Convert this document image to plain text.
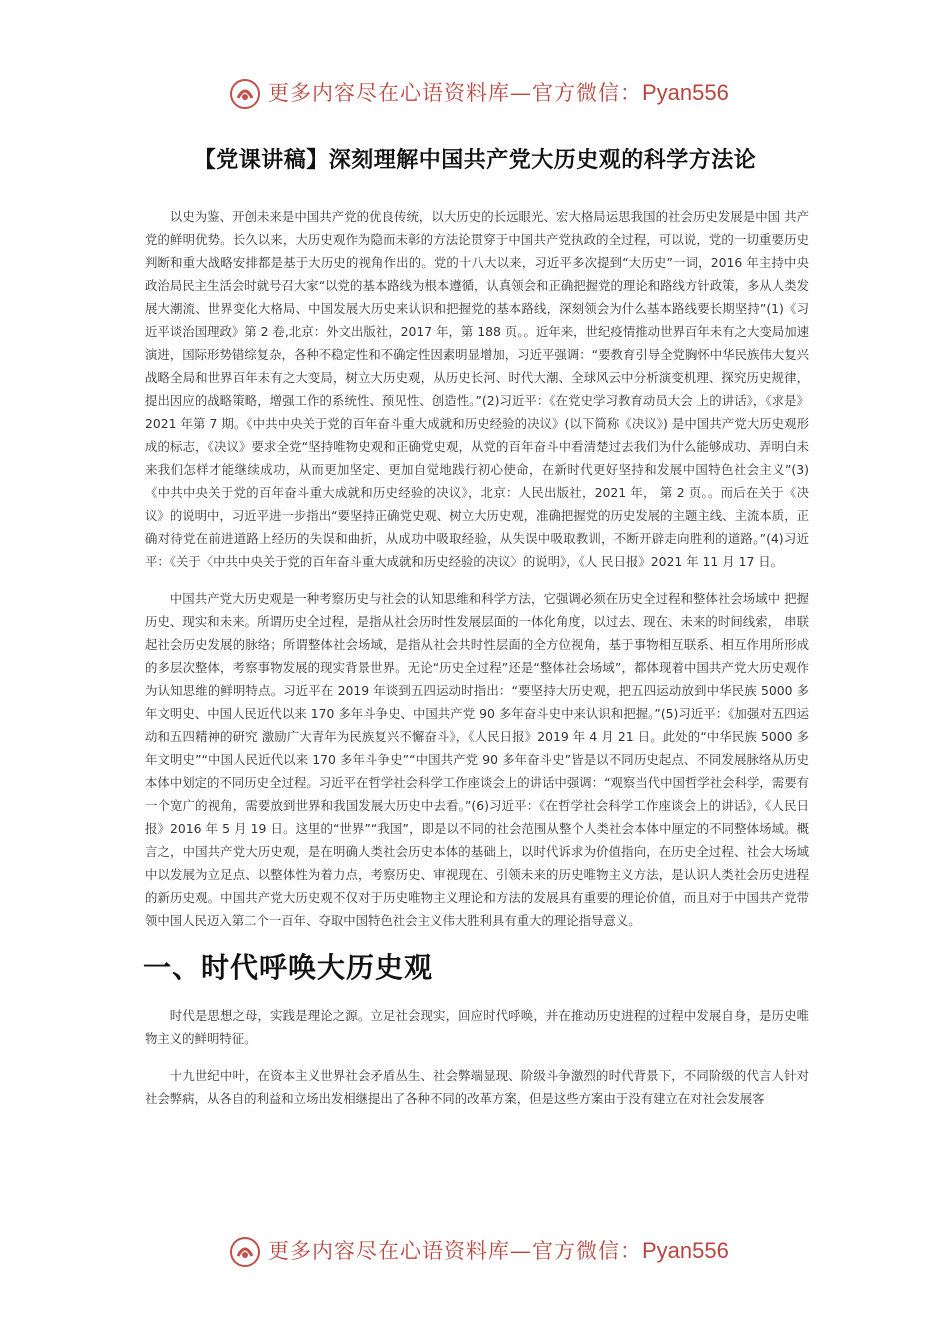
更多内容尽在心语资料库—官方微信：Pyan556
【党课讲稿】深刻理解中国共产党大历史观的科学方法论

以史为鉴、开创未来是中国共产党的优良传统，以大历史的长远眼光、宏大格局运思我国的社会历史发展是中国 共产党的鲜明优势。长久以来，大历史观作为隐而未彰的方法论贯穿于中国共产党执政的全过程，可以说，党的一切重要历史判断和重大战略安排都是基于大历史的视角作出的。党的十八大以来，习近平多次提到“大历史”一词，2016 年主持中央政治局民主生活会时就号召大家“以党的基本路线为根本遵循，认真领会和正确把握党的理论和路线方针政策，多从人类发展大潮流、世界变化大格局、中国发展大历史来认识和把握党的基本路线，深刻领会为什么基本路线要长期坚持”(1)《习近平谈治国理政》第 2 卷,北京：外文出版社，2017 年，第 188 页。。近年来，世纪疫情推动世界百年未有之大变局加速演进，国际形势错综复杂，各种不稳定性和不确定性因素明显增加，习近平强调：“要教育引导全党胸怀中华民族伟大复兴战略全局和世界百年未有之大变局，树立大历史观，从历史长河、时代大潮、全球风云中分析演变机理、探究历史规律，提出因应的战略策略，增强工作的系统性、预见性、创造性。”(2)习近平：《在党史学习教育动员大会 上的讲话》，《求是》 2021 年第 7 期。《中共中央关于党的百年奋斗重大成就和历史经验的决议》(以下简称《决议》) 是中国共产党大历史观形成的标志，《决议》要求全党“坚持唯物史观和正确党史观，从党的百年奋斗中看清楚过去我们为什么能够成功、弄明白未来我们怎样才能继续成功，从而更加坚定、更加自觉地践行初心使命，在新时代更好坚持和发展中国特色社会主义”(3)《中共中央关于党的百年奋斗重大成就和历史经验的决议》，北京：人民出版社，2021 年， 第 2 页。。而后在关于《决议》的说明中，习近平进一步指出“要坚持正确党史观、树立大历史观，准确把握党的历史发展的主题主线、主流本质，正确对待党在前进道路上经历的失误和曲折，从成功中吸取经验，从失误中吸取教训，不断开辟走向胜利的道路。”(4)习近平：《关于〈中共中央关于党的百年奋斗重大成就和历史经验的决议〉的说明》，《人 民日报》2021 年 11 月 17 日。

中国共产党大历史观是一种考察历史与社会的认知思维和科学方法，它强调必须在历史全过程和整体社会场域中 把握历史、现实和未来。所谓历史全过程，是指从社会历时性发展层面的一体化角度，以过去、现在、未来的时间线索， 串联起社会历史发展的脉络；所谓整体社会场域，是指从社会共时性层面的全方位视角，基于事物相互联系、相互作用所形成的多层次整体，考察事物发展的现实背景世界。无论“历史全过程”还是“整体社会场域”，都体现着中国共产党大历史观作为认知思维的鲜明特点。习近平在 2019 年谈到五四运动时指出：“要坚持大历史观，把五四运动放到中华民族 5000 多年文明史、中国人民近代以来 170 多年斗争史、中国共产党 90 多年奋斗史中来认识和把握。”(5)习近平：《加强对五四运动和五四精神的研究 激励广大青年为民族复兴不懈奋斗》，《人民日报》2019 年 4 月 21 日。此处的“中华民族 5000 多年文明史”“中国人民近代以来 170 多年斗争史”“中国共产党 90 多年奋斗史”皆是以不同历史起点、不同发展脉络从历史本体中划定的不同历史全过程。习近平在哲学社会科学工作座谈会上的讲话中强调：“观察当代中国哲学社会科学，需要有一个宽广的视角，需要放到世界和我国发展大历史中去看。”(6)习近平：《在哲学社会科学工作座谈会上的讲话》，《人民日报》2016 年 5 月 19 日。这里的“世界”“我国”，即是以不同的社会范围从整个人类社会本体中厘定的不同整体场域。概言之，中国共产党大历史观，是在明确人类社会历史本体的基础上，以时代诉求为价值指向，在历史全过程、社会大场域中以发展为立足点、以整体性为着力点，考察历史、审视现在、引领未来的历史唯物主义方法，是认识人类社会历史进程的新历史观。中国共产党大历史观不仅对于历史唯物主义理论和方法的发展具有重要的理论价值，而且对于中国共产党带领中国人民迈入第二个一百年、夺取中国特色社会主义伟大胜利具有重大的理论指导意义。

一、时代呼唤大历史观

时代是思想之母，实践是理论之源。立足社会现实，回应时代呼唤，并在推动历史进程的过程中发展自身，是历史唯物主义的鲜明特征。

十九世纪中叶，在资本主义世界社会矛盾丛生、社会弊端显现、阶级斗争激烈的时代背景下，不同阶级的代言人针对社会弊病，从各自的利益和立场出发相继提出了各种不同的改革方案，但是这些方案由于没有建立在对社会发展客

更多内容尽在心语资料库—官方微信：Pyan556
